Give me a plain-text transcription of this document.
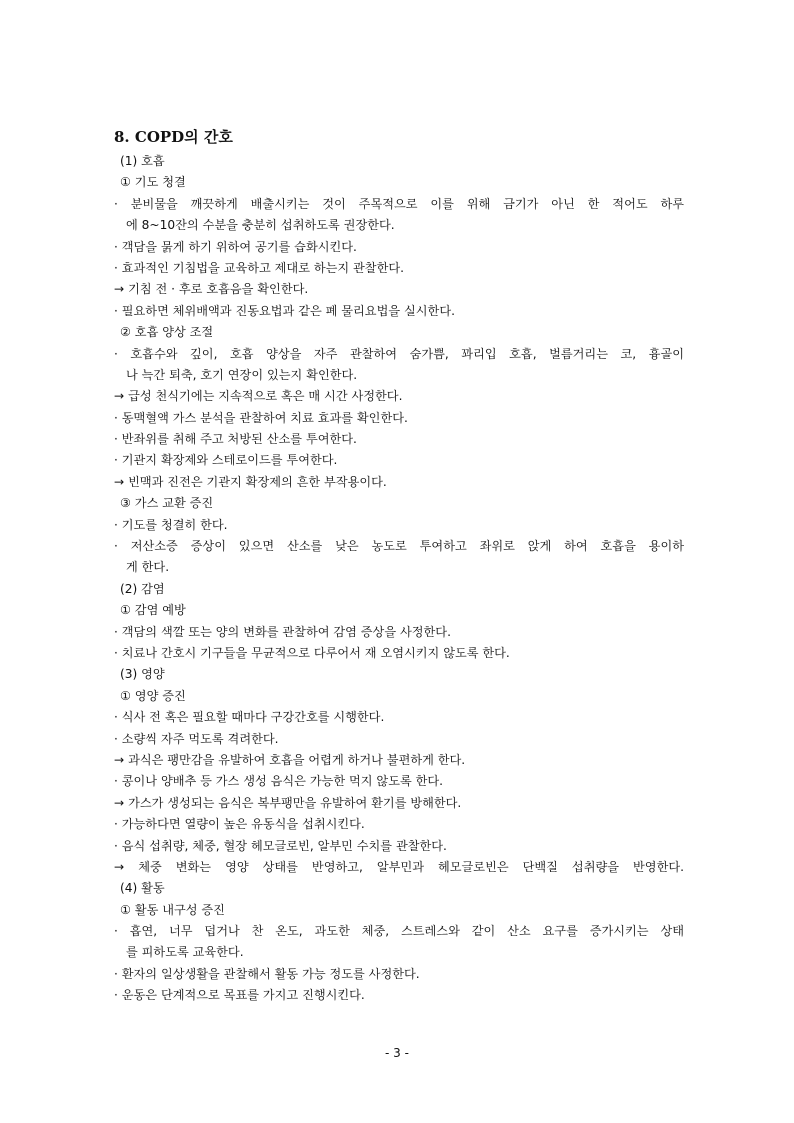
8. COPD의 간호
(1) 호흡
① 기도 청결
· 분비물을 깨끗하게 배출시키는 것이 주목적으로 이를 위해 금기가 아닌 한 적어도 하루
에 8~10잔의 수분을 충분히 섭취하도록 권장한다.
· 객담을 묽게 하기 위하여 공기를 습화시킨다.
· 효과적인 기침법을 교육하고 제대로 하는지 관찰한다.
→ 기침 전 · 후로 호흡음을 확인한다.
· 필요하면 체위배액과 진동요법과 같은 폐 물리요법을 실시한다.
② 호흡 양상 조절
· 호흡수와 깊이, 호흡 양상을 자주 관찰하여 숨가쁨, 꽈리입 호흡, 벌름거리는 코, 흉골이
나 늑간 퇴축, 호기 연장이 있는지 확인한다.
→ 급성 천식기에는 지속적으로 혹은 매 시간 사정한다.
· 동맥혈액 가스 분석을 관찰하여 치료 효과를 확인한다.
· 반좌위를 취해 주고 처방된 산소를 투여한다.
· 기관지 확장제와 스테로이드를 투여한다.
→ 빈맥과 진전은 기관지 확장제의 흔한 부작용이다.
③ 가스 교환 증진
· 기도를 청결히 한다.
· 저산소증 증상이 있으면 산소를 낮은 농도로 투여하고 좌위로 앉게 하여 호흡을 용이하
게 한다.
(2) 감염
① 감염 예방
· 객담의 색깔 또는 양의 변화를 관찰하여 감염 증상을 사정한다.
· 치료나 간호시 기구들을 무균적으로 다루어서 재 오염시키지 않도록 한다.
(3) 영양
① 영양 증진
· 식사 전 혹은 필요할 때마다 구강간호를 시행한다.
· 소량씩 자주 먹도록 격려한다.
→ 과식은 팽만감을 유발하여 호흡을 어렵게 하거나 불편하게 한다.
· 콩이나 양배추 등 가스 생성 음식은 가능한 먹지 않도록 한다.
→ 가스가 생성되는 음식은 복부팽만을 유발하여 환기를 방해한다.
· 가능하다면 열량이 높은 유동식을 섭취시킨다.
· 음식 섭취량, 체중, 혈장 헤모글로빈, 알부민 수치를 관찰한다.
→ 체중 변화는 영양 상태를 반영하고, 알부민과 헤모글로빈은 단백질 섭취량을 반영한다.
(4) 활동
① 활동 내구성 증진
· 흡연, 너무 덥거나 찬 온도, 과도한 체중, 스트레스와 같이 산소 요구를 증가시키는 상태
를 피하도록 교육한다.
· 환자의 일상생활을 관찰해서 활동 가능 정도를 사정한다.
· 운동은 단계적으로 목표를 가지고 진행시킨다.
- 3 -
